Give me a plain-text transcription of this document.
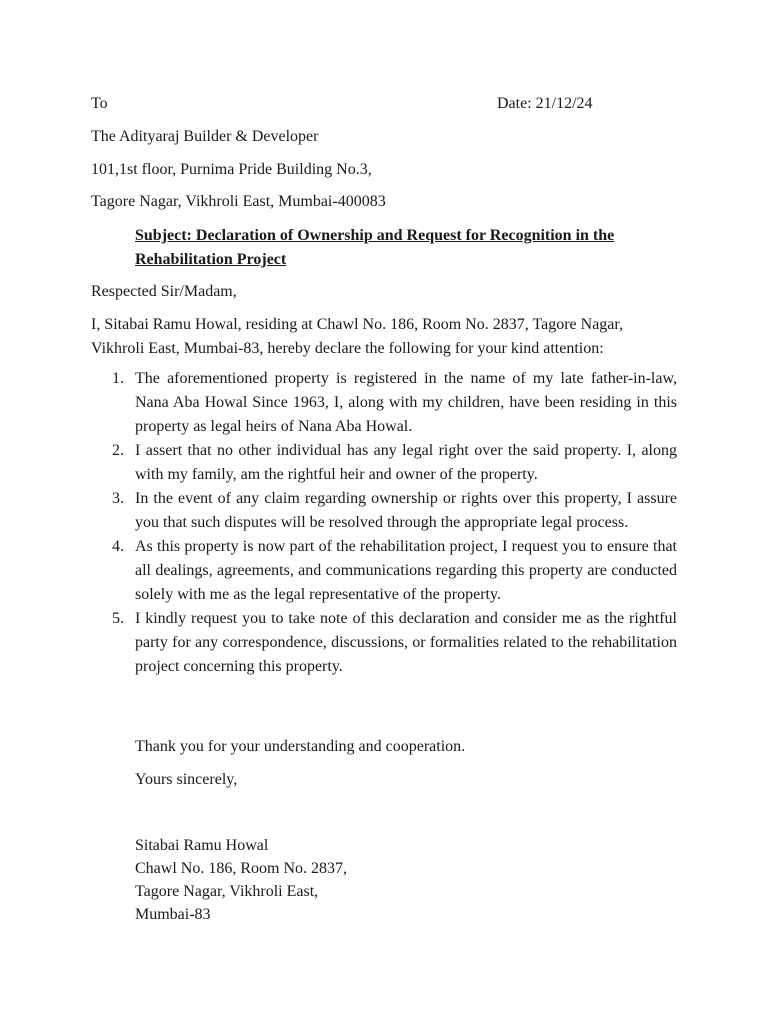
To	Date: 21/12/24
The Adityaraj Builder & Developer
101,1st floor, Purnima Pride Building No.3,
Tagore Nagar, Vikhroli East, Mumbai-400083
Subject: Declaration of Ownership and Request for Recognition in the Rehabilitation Project
Respected Sir/Madam,
I, Sitabai Ramu Howal, residing at Chawl No. 186, Room No. 2837, Tagore Nagar, Vikhroli East, Mumbai-83, hereby declare the following for your kind attention:
1. The aforementioned property is registered in the name of my late father-in-law, Nana Aba Howal Since 1963, I, along with my children, have been residing in this property as legal heirs of Nana Aba Howal.
2. I assert that no other individual has any legal right over the said property. I, along with my family, am the rightful heir and owner of the property.
3. In the event of any claim regarding ownership or rights over this property, I assure you that such disputes will be resolved through the appropriate legal process.
4. As this property is now part of the rehabilitation project, I request you to ensure that all dealings, agreements, and communications regarding this property are conducted solely with me as the legal representative of the property.
5. I kindly request you to take note of this declaration and consider me as the rightful party for any correspondence, discussions, or formalities related to the rehabilitation project concerning this property.
Thank you for your understanding and cooperation.
Yours sincerely,
Sitabai Ramu Howal
Chawl No. 186, Room No. 2837,
Tagore Nagar, Vikhroli East,
Mumbai-83
